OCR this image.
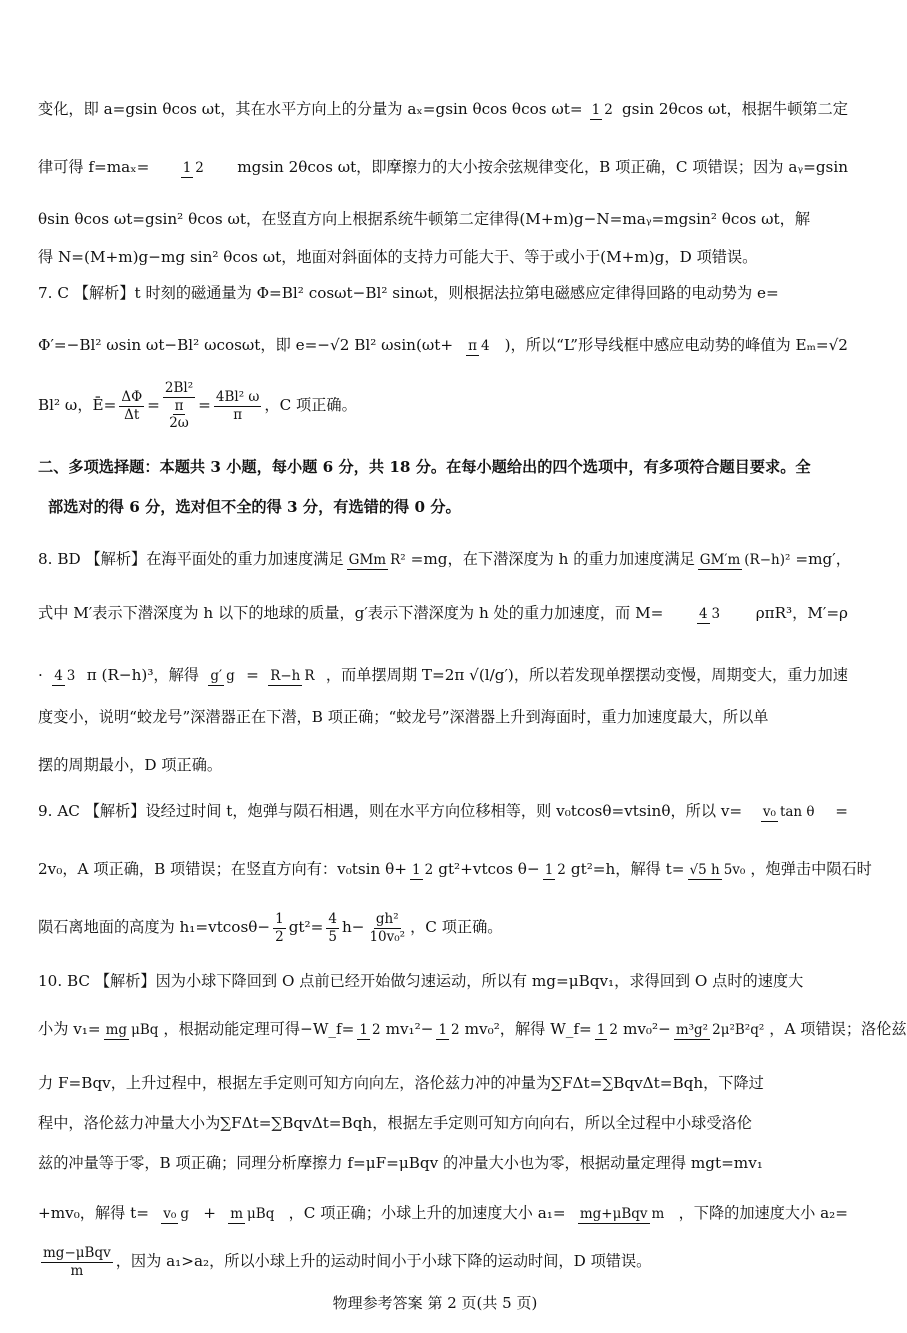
变化，即 a=gsin θcos ωt，其在水平方向上的分量为 aₓ=gsin θcos θcos ωt= 1 2 gsin 2θcos ωt，根据牛顿第二定
律可得 f=maₓ= 1 2 mgsin 2θcos ωt，即摩擦力的大小按余弦规律变化，B 项正确，C 项错误；因为 aᵧ=gsin
θsin θcos ωt=gsin² θcos ωt，在竖直方向上根据系统牛顿第二定律得(M+m)g−N=maᵧ=mgsin² θcos ωt，解
得 N=(M+m)g−mg sin² θcos ωt，地面对斜面体的支持力可能大于、等于或小于(M+m)g，D 项错误。
7. C 【解析】t 时刻的磁通量为 Φ=Bl² cosωt−Bl² sinωt，则根据法拉第电磁感应定律得回路的电动势为 e=
Φ′=−Bl² ωsin ωt−Bl² ωcosωt，即 e=−√2 Bl² ωsin(ωt+ π 4 )，所以“L”形导线框中感应电动势的峰值为 Eₘ=√2
Bl² ω，Ē= $\frac{\Delta\Phi}{\Delta t}$ =
2Bl²
π
2ω
= $\frac{\text{4Bl² ω}}{\pi}$ ，C 项正确。
二、多项选择题：本题共 3 小题，每小题 6 分，共 18 分。在每小题给出的四个选项中，有多项符合题目要求。全
部选对的得 6 分，选对但不全的得 3 分，有选错的得 0 分。
8. BD 【解析】在海平面处的重力加速度满足 GMm R² =mg，在下潜深度为 h 的重力加速度满足 GM′m (R−h)² =mg′，
式中 M′表示下潜深度为 h 以下的地球的质量，g′表示下潜深度为 h 处的重力加速度，而 M=	4 3 ρπR³，M′=ρ
· 4 3 π (R−h)³，解得 g′ g = R−h R ，而单摆周期 T=2π √(l/g′)，所以若发现单摆摆动变慢，周期变大，重力加速
度变小，说明“蛟龙号”深潜器正在下潜，B 项正确；“蛟龙号”深潜器上升到海面时，重力加速度最大，所以单
摆的周期最小，D 项正确。
9. AC 【解析】设经过时间 t，炮弹与陨石相遇，则在水平方向位移相等，则 v₀tcosθ=vtsinθ，所以 v= v₀ tan θ =
2v₀，A 项正确，B 项错误；在竖直方向有：v₀tsin θ+ 1 2 gt²+vtcos θ− 1 2 gt²=h，解得 t= √5 h 5v₀ ，炮弹击中陨石时
陨石离地面的高度为 $h_1=vtcos\theta- \frac{1}{2} gt^2= \frac{4}{5} h- \frac{\text{gh²}}{\text{10v₀²}}$ ，C 项正确。
10. BC 【解析】因为小球下降回到 O 点前已经开始做匀速运动，所以有 mg=μBqv₁，求得回到 O 点时的速度大
小为 v₁= mg μBq ，根据动能定理可得−W_f= 1 2 mv₁²− 1 2 mv₀²，解得 W_f= 1 2 mv₀²− m³g² 2μ²B²q² ，A 项错误；洛伦兹
力 F=Bqv，上升过程中，根据左手定则可知方向向左，洛伦兹力冲的冲量为∑FΔt=∑BqvΔt=Bqh，下降过
程中，洛伦兹力冲量大小为∑FΔt=∑BqvΔt=Bqh，根据左手定则可知方向向右，所以全过程中小球受洛伦
兹的冲量等于零，B 项正确；同理分析摩擦力 f=μF=μBqv 的冲量大小也为零，根据动量定理得 mgt=mv₁
+mv₀，解得 t= v₀ g + m μBq ，C 项正确；小球上升的加速度大小 a₁= mg+μBqv m ，下降的加速度大小 a₂=
$\frac{\text{mg−μBqv}}{m}$ ，因为 a₁>a₂，所以小球上升的运动时间小于小球下降的运动时间，D 项错误。
物理参考答案 第 2 页(共 5 页)
